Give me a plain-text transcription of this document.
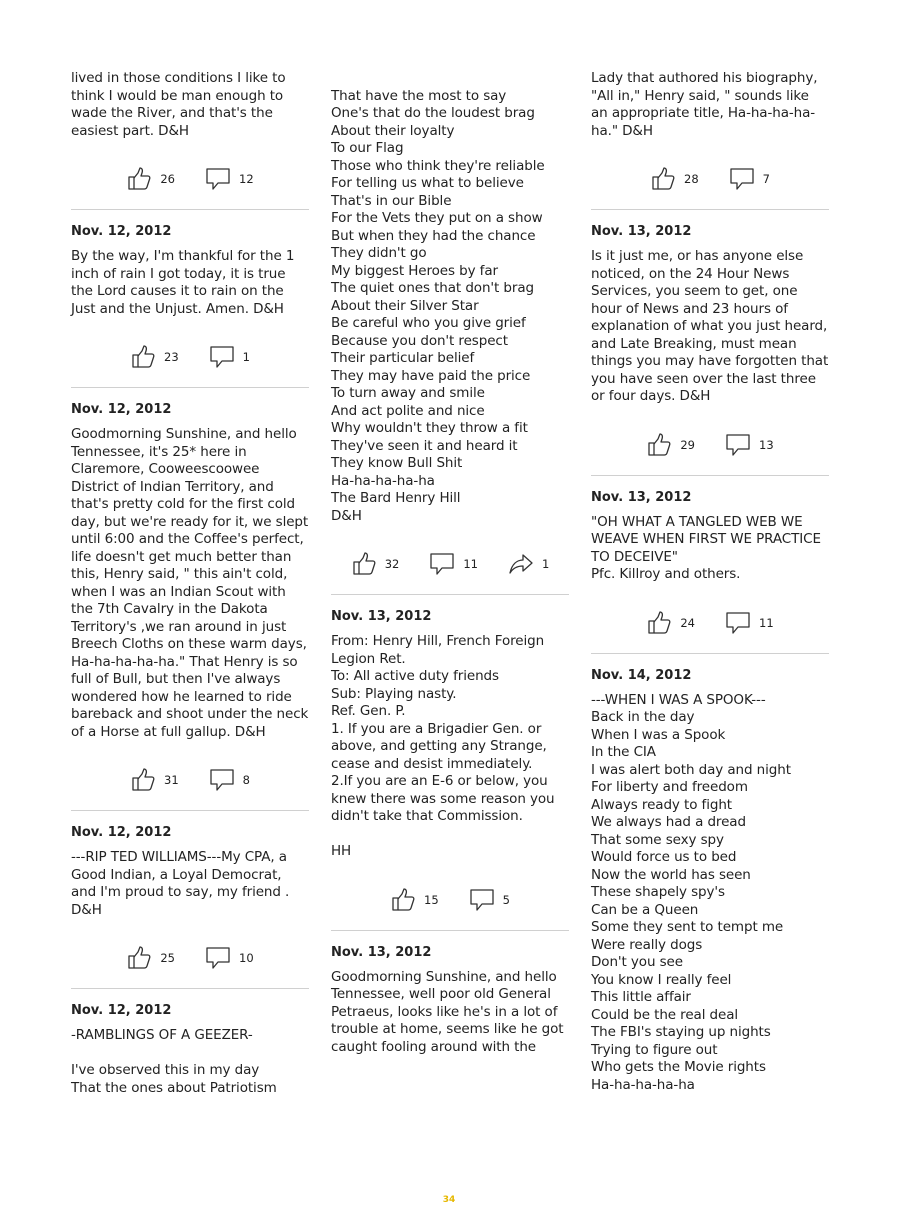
lived in those conditions I like to think I would be man enough to wade the River, and that's the easiest part. D&H

26	12
Nov. 12, 2012

By the way, I'm thankful for the 1 inch of rain I got today, it is true the Lord causes it to rain on the Just and the Unjust. Amen. D&H

23	1
Nov. 12, 2012

Goodmorning Sunshine, and hello Tennessee, it's 25* here in Claremore, Cooweescoowee District of Indian Territory, and that's pretty cold for the first cold day, but we're ready for it, we slept until 6:00 and the Coffee's perfect, life doesn't get much better than this, Henry said, " this ain't cold, when I was an Indian Scout with the 7th Cavalry in the Dakota Territory's ,we ran around in just Breech Cloths on these warm days, Ha-ha-ha-ha-ha." That Henry is so full of Bull, but then I've always wondered how he learned to ride bareback and shoot under the neck of a Horse at full gallup. D&H

31	8
Nov. 12, 2012

---RIP TED WILLIAMS---My CPA, a Good Indian, a Loyal Democrat, and I'm proud to say, my friend . D&H

25	10
Nov. 12, 2012

-RAMBLINGS OF A GEEZER-

I've observed this in my day
That the ones about Patriotism

That have the most to say
One's that do the loudest brag
About their loyalty
To our Flag
Those who think they're reliable
For telling us what to believe
That's in our Bible
For the Vets they put on a show
But when they had the chance
They didn't go
My biggest Heroes by far
The quiet ones that don't brag
About their Silver Star
Be careful who you give grief
Because you don't respect
Their particular belief
They may have paid the price
To turn away and smile
And act polite and nice
Why wouldn't they throw a fit
They've seen it and heard it
They know Bull Shit
Ha-ha-ha-ha-ha
The Bard Henry Hill
D&H

32	11	1
Nov. 13, 2012

From: Henry Hill, French Foreign Legion Ret.
To: All active duty friends
Sub: Playing nasty.
Ref. Gen. P.
1. If you are a Brigadier Gen. or above, and getting any Strange, cease and desist immediately.
2.If you are an E-6 or below, you knew there was some reason you didn't take that Commission.

HH

15	5
Nov. 13, 2012

Goodmorning Sunshine, and hello Tennessee, well poor old General Petraeus, looks like he's in a lot of trouble at home, seems like he got caught fooling around with the

Lady that authored his biography, "All in," Henry said, " sounds like an appropriate title, Ha-ha-ha-ha-ha." D&H

28	7
Nov. 13, 2012

Is it just me, or has anyone else noticed, on the 24 Hour News Services, you seem to get, one hour of News and 23 hours of explanation of what you just heard, and Late Breaking, must mean things you may have forgotten that you have seen over the last three or four days. D&H

29	13
Nov. 13, 2012

"OH WHAT A TANGLED WEB WE WEAVE WHEN FIRST WE PRACTICE TO DECEIVE"
Pfc. Killroy and others.

24	11
Nov. 14, 2012

---WHEN I WAS A SPOOK---
Back in the day
When I was a Spook
In the CIA
I was alert both day and night
For liberty and freedom
Always ready to fight
We always had a dread
That some sexy spy
Would force us to bed
Now the world has seen
These shapely spy's
Can be a Queen
Some they sent to tempt me
Were really dogs
Don't you see
You know I really feel
This little affair
Could be the real deal
The FBI's staying up nights
Trying to figure out
Who gets the Movie rights
Ha-ha-ha-ha-ha

34
